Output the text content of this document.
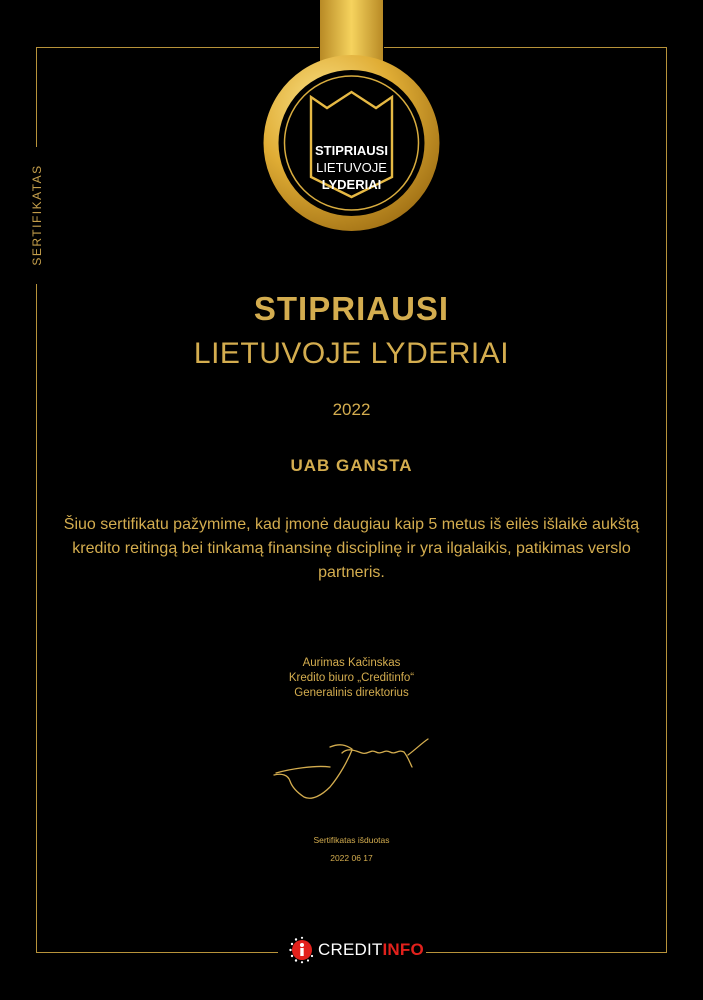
SERTIFIKATAS
STIPRIAUSI
LIETUVOJE
LYDERIAI
STIPRIAUSI
LIETUVOJE LYDERIAI
2022
UAB GANSTA
Šiuo sertifikatu pažymime, kad įmonė daugiau kaip 5 metus iš eilės išlaikė aukštą kredito reitingą bei tinkamą finansinę disciplinę ir yra ilgalaikis, patikimas verslo partneris.
Aurimas Kačinskas
Kredito biuro „Creditinfo“
Generalinis direktorius
Sertifikatas išduotas
2022 06 17
CREDITINFO
